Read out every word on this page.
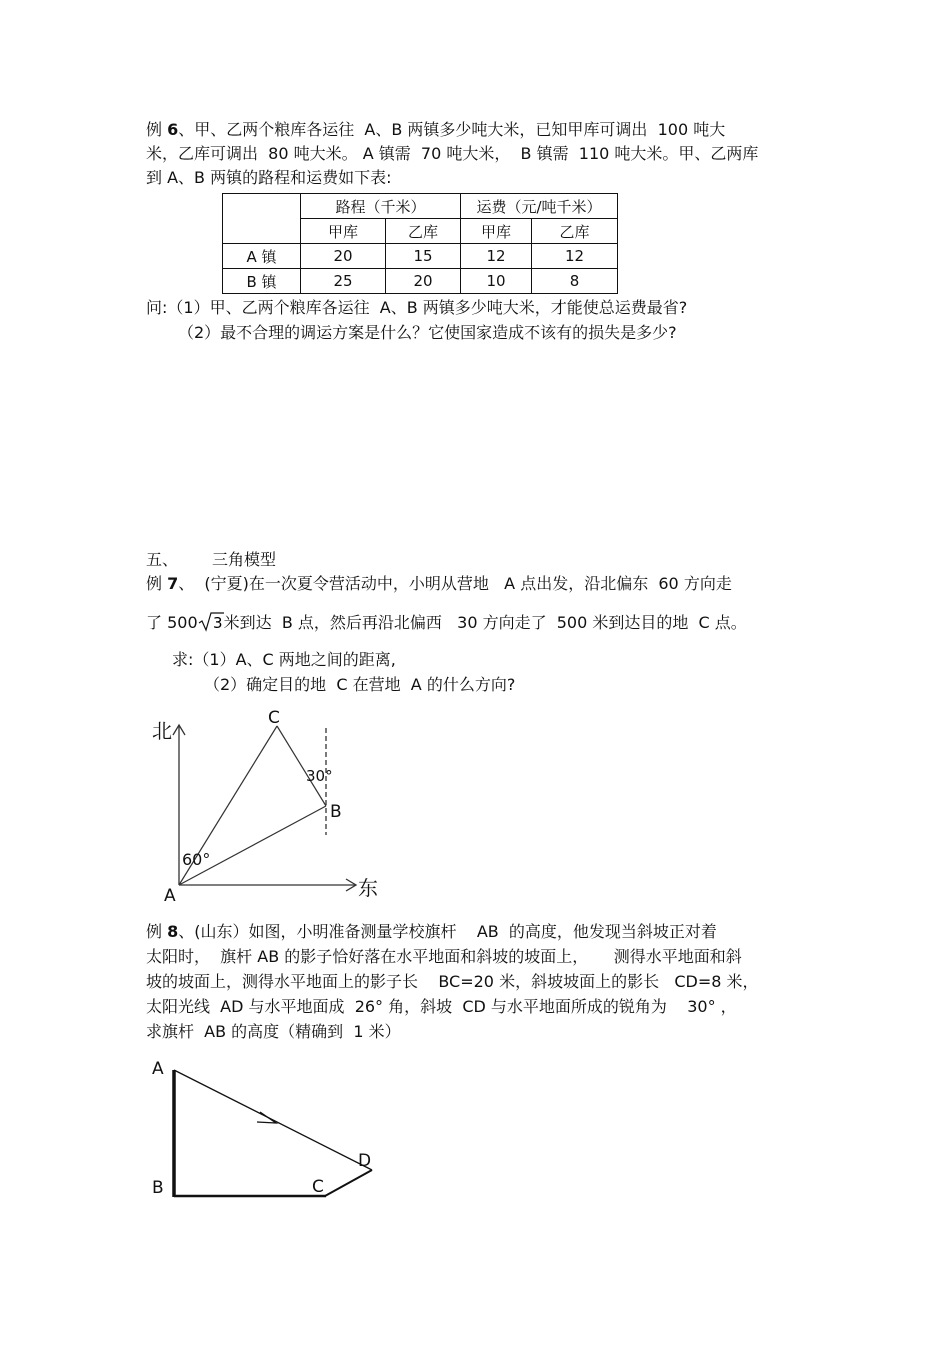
例 6、甲、乙两个粮库各运往  A、B 两镇多少吨大米，已知甲库可调出  100 吨大
米，乙库可调出  80 吨大米。 A 镇需  70 吨大米，  B 镇需  110 吨大米。甲、乙两库
到 A、B 两镇的路程和运费如下表:
	路程（千米）		运费（元/吨千米）	
	甲库	乙库	甲库	乙库
A 镇	20	15	12	12
B 镇	25	20	10	8
问:（1）甲、乙两个粮库各运往  A、B 两镇多少吨大米，才能使总运费最省?
（2）最不合理的调运方案是什么？它使国家造成不该有的损失是多少?
五、 三角模型
例 7、  (宁夏)在一次夏令营活动中，小明从营地   A 点出发，沿北偏东  60 方向走
了 500 3 米到达  B 点，然后再沿北偏西   30 方向走了  500 米到达目的地  C 点。
求:（1）A、C 两地之间的距离,
（2）确定目的地  C 在营地  A 的什么方向?
北
东
A
B
C
60°
30°
例 8、(山东）如图，小明准备测量学校旗杆    AB  的高度，他发现当斜坡正对着
太阳时，  旗杆 AB 的影子恰好落在水平地面和斜坡的坡面上，     测得水平地面和斜
坡的坡面上，测得水平地面上的影子长    BC=20 米，斜坡坡面上的影长   CD=8 米，
太阳光线  AD 与水平地面成  26° 角，斜坡  CD 与水平地面所成的锐角为    30° ，
求旗杆  AB 的高度（精确到  1 米）
A
B	C
D
